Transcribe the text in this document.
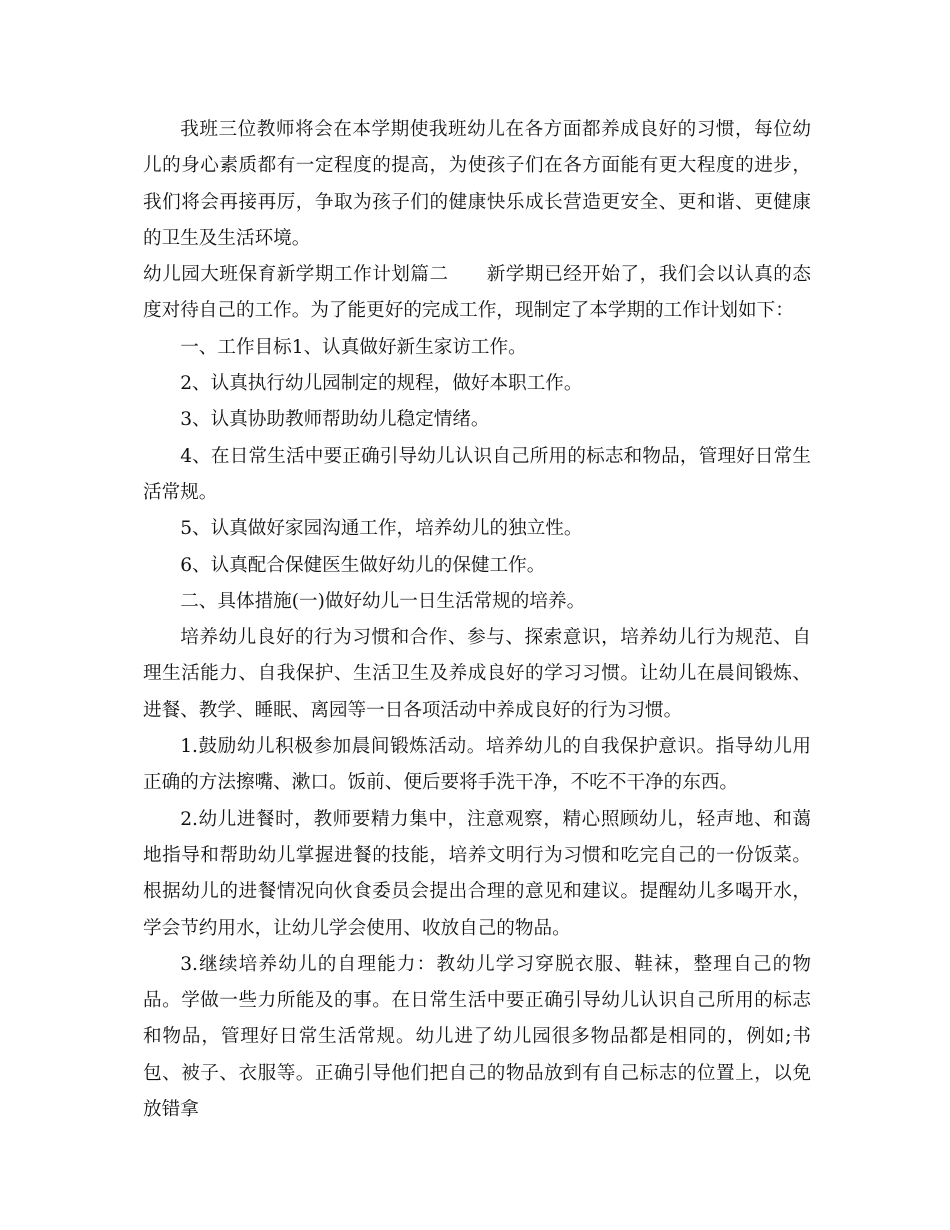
我班三位教师将会在本学期使我班幼儿在各方面都养成良好的习惯，每位幼儿的身心素质都有一定程度的提高，为使孩子们在各方面能有更大程度的进步，我们将会再接再厉，争取为孩子们的健康快乐成长营造更安全、更和谐、更健康的卫生及生活环境。

幼儿园大班保育新学期工作计划篇二　　新学期已经开始了，我们会以认真的态度对待自己的工作。为了能更好的完成工作，现制定了本学期的工作计划如下：

一、工作目标1、认真做好新生家访工作。

2、认真执行幼儿园制定的规程，做好本职工作。

3、认真协助教师帮助幼儿稳定情绪。

4、在日常生活中要正确引导幼儿认识自己所用的标志和物品，管理好日常生活常规。

5、认真做好家园沟通工作，培养幼儿的独立性。

6、认真配合保健医生做好幼儿的保健工作。

二、具体措施(一)做好幼儿一日生活常规的培养。

培养幼儿良好的行为习惯和合作、参与、探索意识，培养幼儿行为规范、自理生活能力、自我保护、生活卫生及养成良好的学习习惯。让幼儿在晨间锻炼、进餐、教学、睡眠、离园等一日各项活动中养成良好的行为习惯。

1.鼓励幼儿积极参加晨间锻炼活动。培养幼儿的自我保护意识。指导幼儿用正确的方法擦嘴、漱口。饭前、便后要将手洗干净，不吃不干净的东西。

2.幼儿进餐时，教师要精力集中，注意观察，精心照顾幼儿，轻声地、和蔼地指导和帮助幼儿掌握进餐的技能，培养文明行为习惯和吃完自己的一份饭菜。根据幼儿的进餐情况向伙食委员会提出合理的意见和建议。提醒幼儿多喝开水，学会节约用水，让幼儿学会使用、收放自己的物品。

3.继续培养幼儿的自理能力：教幼儿学习穿脱衣服、鞋袜，整理自己的物品。学做一些力所能及的事。在日常生活中要正确引导幼儿认识自己所用的标志和物品，管理好日常生活常规。幼儿进了幼儿园很多物品都是相同的，例如;书包、被子、衣服等。正确引导他们把自己的物品放到有自己标志的位置上，以免放错拿
